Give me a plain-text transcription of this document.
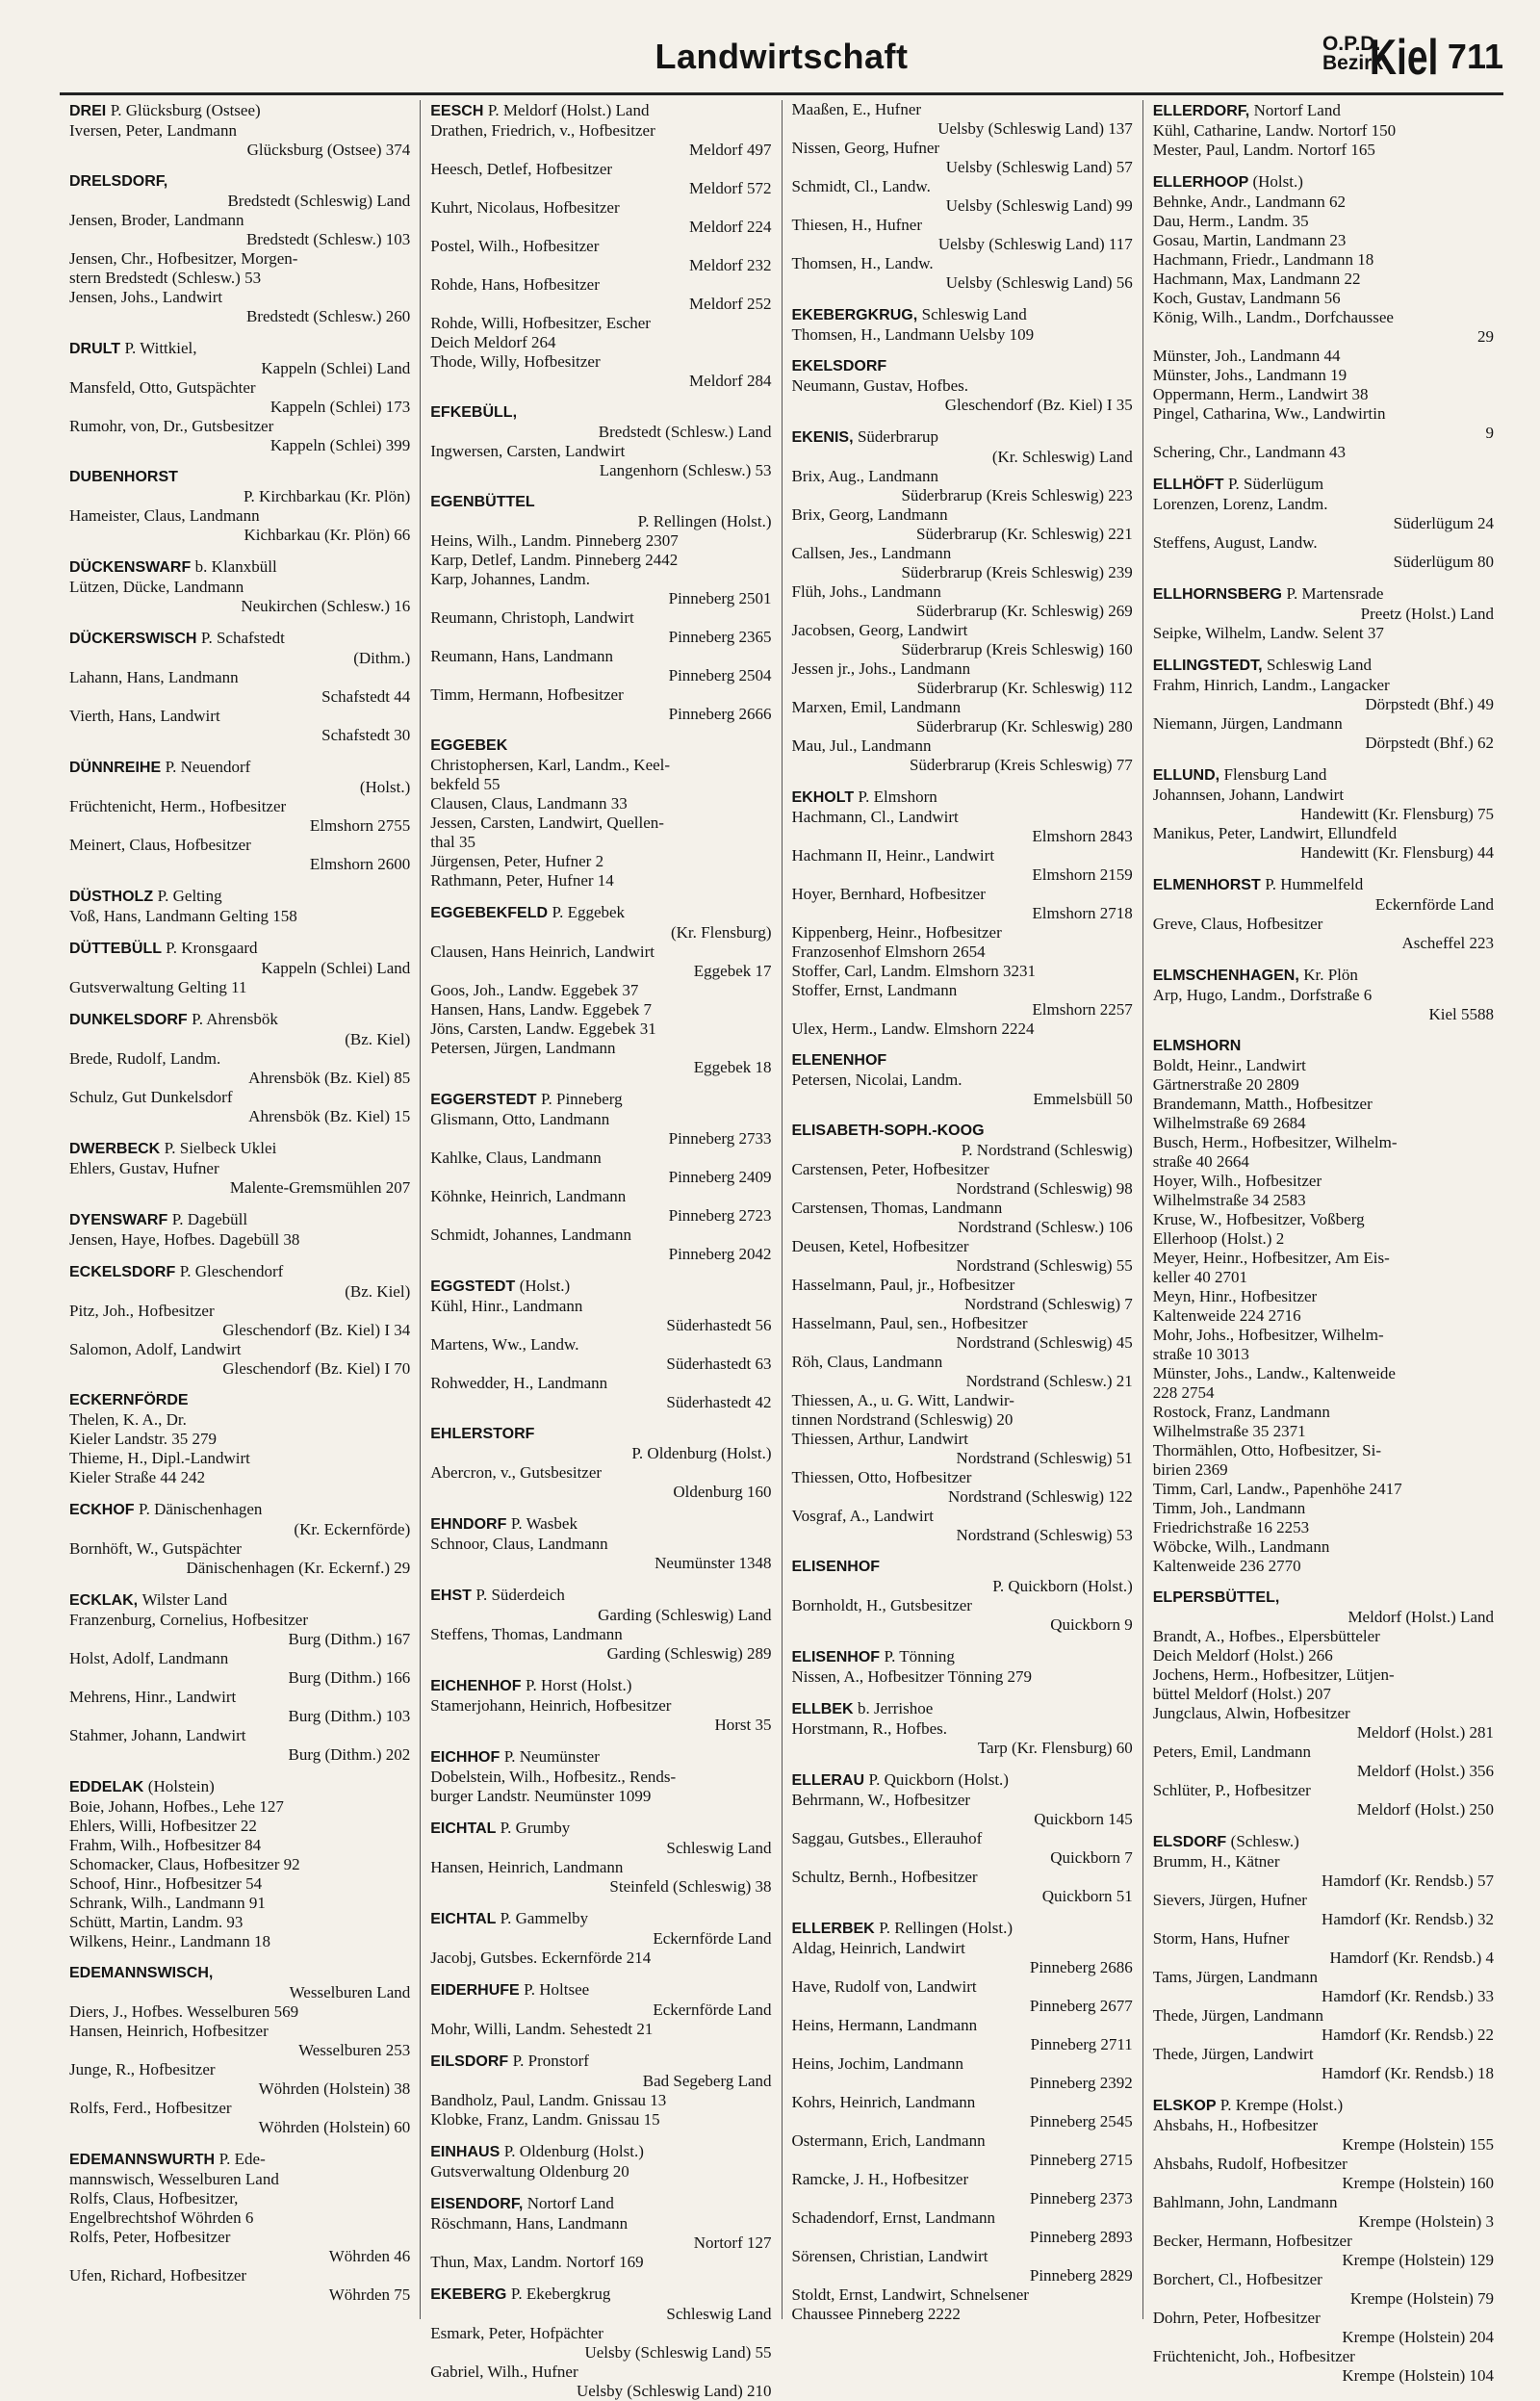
Landwirtschaft	O.P.D.
Bezirk
Kiel 711
DREI P. Glücksburg (Ostsee)
Iversen, Peter, Landmann
Glücksburg (Ostsee) 374
DRELSDORF,
Bredstedt (Schleswig) Land
Jensen, Broder, Landmann
Bredstedt (Schlesw.) 103
Jensen, Chr., Hofbesitzer, Morgen-
stern Bredstedt (Schlesw.) 53
Jensen, Johs., Landwirt
Bredstedt (Schlesw.) 260
DRULT P. Wittkiel,
Kappeln (Schlei) Land
Mansfeld, Otto, Gutspächter
Kappeln (Schlei) 173
Rumohr, von, Dr., Gutsbesitzer
Kappeln (Schlei) 399
DUBENHORST
P. Kirchbarkau (Kr. Plön)
Hameister, Claus, Landmann
Kichbarkau (Kr. Plön) 66
DÜCKENSWARF b. Klanxbüll
Lützen, Dücke, Landmann
Neukirchen (Schlesw.) 16
DÜCKERSWISCH P. Schafstedt
(Dithm.)
Lahann, Hans, Landmann
Schafstedt 44
Vierth, Hans, Landwirt
Schafstedt 30
DÜNNREIHE P. Neuendorf
(Holst.)
Früchtenicht, Herm., Hofbesitzer
Elmshorn 2755
Meinert, Claus, Hofbesitzer
Elmshorn 2600
DÜSTHOLZ P. Gelting
Voß, Hans, Landmann Gelting 158
DÜTTEBÜLL P. Kronsgaard
Kappeln (Schlei) Land
Gutsverwaltung Gelting 11
DUNKELSDORF P. Ahrensbök
(Bz. Kiel)
Brede, Rudolf, Landm.
Ahrensbök (Bz. Kiel) 85
Schulz, Gut Dunkelsdorf
Ahrensbök (Bz. Kiel) 15
DWERBECK P. Sielbeck Uklei
Ehlers, Gustav, Hufner
Malente-Gremsmühlen 207
DYENSWARF P. Dagebüll
Jensen, Haye, Hofbes. Dagebüll 38
ECKELSDORF P. Gleschendorf
(Bz. Kiel)
Pitz, Joh., Hofbesitzer
Gleschendorf (Bz. Kiel) I 34
Salomon, Adolf, Landwirt
Gleschendorf (Bz. Kiel) I 70
ECKERNFÖRDE
Thelen, K. A., Dr.
Kieler Landstr. 35 279
Thieme, H., Dipl.-Landwirt
Kieler Straße 44 242
ECKHOF P. Dänischenhagen
(Kr. Eckernförde)
Bornhöft, W., Gutspächter
Dänischenhagen (Kr. Eckernf.) 29
ECKLAK, Wilster Land
Franzenburg, Cornelius, Hofbesitzer
Burg (Dithm.) 167
Holst, Adolf, Landmann
Burg (Dithm.) 166
Mehrens, Hinr., Landwirt
Burg (Dithm.) 103
Stahmer, Johann, Landwirt
Burg (Dithm.) 202
EDDELAK (Holstein)
Boie, Johann, Hofbes., Lehe 127
Ehlers, Willi, Hofbesitzer 22
Frahm, Wilh., Hofbesitzer 84
Schomacker, Claus, Hofbesitzer 92
Schoof, Hinr., Hofbesitzer 54
Schrank, Wilh., Landmann 91
Schütt, Martin, Landm. 93
Wilkens, Heinr., Landmann 18
EDEMANNSWISCH,
Wesselburen Land
Diers, J., Hofbes. Wesselburen 569
Hansen, Heinrich, Hofbesitzer
Wesselburen 253
Junge, R., Hofbesitzer
Wöhrden (Holstein) 38
Rolfs, Ferd., Hofbesitzer
Wöhrden (Holstein) 60
EDEMANNSWURTH P. Ede-
mannswisch, Wesselburen Land
Rolfs, Claus, Hofbesitzer,
Engelbrechtshof Wöhrden 6
Rolfs, Peter, Hofbesitzer
Wöhrden 46
Ufen, Richard, Hofbesitzer
Wöhrden 75
EESCH P. Meldorf (Holst.) Land
Drathen, Friedrich, v., Hofbesitzer
Meldorf 497
Heesch, Detlef, Hofbesitzer
Meldorf 572
Kuhrt, Nicolaus, Hofbesitzer
Meldorf 224
Postel, Wilh., Hofbesitzer
Meldorf 232
Rohde, Hans, Hofbesitzer
Meldorf 252
Rohde, Willi, Hofbesitzer, Escher
Deich Meldorf 264
Thode, Willy, Hofbesitzer
Meldorf 284
EFKEBÜLL,
Bredstedt (Schlesw.) Land
Ingwersen, Carsten, Landwirt
Langenhorn (Schlesw.) 53
EGENBÜTTEL
P. Rellingen (Holst.)
Heins, Wilh., Landm. Pinneberg 2307
Karp, Detlef, Landm. Pinneberg 2442
Karp, Johannes, Landm.
Pinneberg 2501
Reumann, Christoph, Landwirt
Pinneberg 2365
Reumann, Hans, Landmann
Pinneberg 2504
Timm, Hermann, Hofbesitzer
Pinneberg 2666
EGGEBEK
Christophersen, Karl, Landm., Keel-
bekfeld 55
Clausen, Claus, Landmann 33
Jessen, Carsten, Landwirt, Quellen-
thal 35
Jürgensen, Peter, Hufner 2
Rathmann, Peter, Hufner 14
EGGEBEKFELD P. Eggebek
(Kr. Flensburg)
Clausen, Hans Heinrich, Landwirt
Eggebek 17
Goos, Joh., Landw. Eggebek 37
Hansen, Hans, Landw. Eggebek 7
Jöns, Carsten, Landw. Eggebek 31
Petersen, Jürgen, Landmann
Eggebek 18
EGGERSTEDT P. Pinneberg
Glismann, Otto, Landmann
Pinneberg 2733
Kahlke, Claus, Landmann
Pinneberg 2409
Köhnke, Heinrich, Landmann
Pinneberg 2723
Schmidt, Johannes, Landmann
Pinneberg 2042
EGGSTEDT (Holst.)
Kühl, Hinr., Landmann
Süderhastedt 56
Martens, Ww., Landw.
Süderhastedt 63
Rohwedder, H., Landmann
Süderhastedt 42
EHLERSTORF
P. Oldenburg (Holst.)
Abercron, v., Gutsbesitzer
Oldenburg 160
EHNDORF P. Wasbek
Schnoor, Claus, Landmann
Neumünster 1348
EHST P. Süderdeich
Garding (Schleswig) Land
Steffens, Thomas, Landmann
Garding (Schleswig) 289
EICHENHOF P. Horst (Holst.)
Stamerjohann, Heinrich, Hofbesitzer
Horst 35
EICHHOF P. Neumünster
Dobelstein, Wilh., Hofbesitz., Rends-
burger Landstr. Neumünster 1099
EICHTAL P. Grumby
Schleswig Land
Hansen, Heinrich, Landmann
Steinfeld (Schleswig) 38
EICHTAL P. Gammelby
Eckernförde Land
Jacobj, Gutsbes. Eckernförde 214
EIDERHUFE P. Holtsee
Eckernförde Land
Mohr, Willi, Landm. Sehestedt 21
EILSDORF P. Pronstorf
Bad Segeberg Land
Bandholz, Paul, Landm. Gnissau 13
Klobke, Franz, Landm. Gnissau 15
EINHAUS P. Oldenburg (Holst.)
Gutsverwaltung Oldenburg 20
EISENDORF, Nortorf Land
Röschmann, Hans, Landmann
Nortorf 127
Thun, Max, Landm. Nortorf 169
EKEBERG P. Ekebergkrug
Schleswig Land
Esmark, Peter, Hofpächter
Uelsby (Schleswig Land) 55
Gabriel, Wilh., Hufner
Uelsby (Schleswig Land) 210
Maaßen, E., Hufner
Uelsby (Schleswig Land) 137
Nissen, Georg, Hufner
Uelsby (Schleswig Land) 57
Schmidt, Cl., Landw.
Uelsby (Schleswig Land) 99
Thiesen, H., Hufner
Uelsby (Schleswig Land) 117
Thomsen, H., Landw.
Uelsby (Schleswig Land) 56
EKEBERGKRUG, Schleswig Land
Thomsen, H., Landmann Uelsby 109
EKELSDORF
Neumann, Gustav, Hofbes.
Gleschendorf (Bz. Kiel) I 35
EKENIS, Süderbrarup
(Kr. Schleswig) Land
Brix, Aug., Landmann
Süderbrarup (Kreis Schleswig) 223
Brix, Georg, Landmann
Süderbrarup (Kr. Schleswig) 221
Callsen, Jes., Landmann
Süderbrarup (Kreis Schleswig) 239
Flüh, Johs., Landmann
Süderbrarup (Kr. Schleswig) 269
Jacobsen, Georg, Landwirt
Süderbrarup (Kreis Schleswig) 160
Jessen jr., Johs., Landmann
Süderbrarup (Kr. Schleswig) 112
Marxen, Emil, Landmann
Süderbrarup (Kr. Schleswig) 280
Mau, Jul., Landmann
Süderbrarup (Kreis Schleswig) 77
EKHOLT P. Elmshorn
Hachmann, Cl., Landwirt
Elmshorn 2843
Hachmann II, Heinr., Landwirt
Elmshorn 2159
Hoyer, Bernhard, Hofbesitzer
Elmshorn 2718
Kippenberg, Heinr., Hofbesitzer
Franzosenhof Elmshorn 2654
Stoffer, Carl, Landm. Elmshorn 3231
Stoffer, Ernst, Landmann
Elmshorn 2257
Ulex, Herm., Landw. Elmshorn 2224
ELENENHOF
Petersen, Nicolai, Landm.
Emmelsbüll 50
ELISABETH-SOPH.-KOOG
P. Nordstrand (Schleswig)
Carstensen, Peter, Hofbesitzer
Nordstrand (Schleswig) 98
Carstensen, Thomas, Landmann
Nordstrand (Schlesw.) 106
Deusen, Ketel, Hofbesitzer
Nordstrand (Schleswig) 55
Hasselmann, Paul, jr., Hofbesitzer
Nordstrand (Schleswig) 7
Hasselmann, Paul, sen., Hofbesitzer
Nordstrand (Schleswig) 45
Röh, Claus, Landmann
Nordstrand (Schlesw.) 21
Thiessen, A., u. G. Witt, Landwir-
tinnen Nordstrand (Schleswig) 20
Thiessen, Arthur, Landwirt
Nordstrand (Schleswig) 51
Thiessen, Otto, Hofbesitzer
Nordstrand (Schleswig) 122
Vosgraf, A., Landwirt
Nordstrand (Schleswig) 53
ELISENHOF
P. Quickborn (Holst.)
Bornholdt, H., Gutsbesitzer
Quickborn 9
ELISENHOF P. Tönning
Nissen, A., Hofbesitzer Tönning 279
ELLBEK b. Jerrishoe
Horstmann, R., Hofbes.
Tarp (Kr. Flensburg) 60
ELLERAU P. Quickborn (Holst.)
Behrmann, W., Hofbesitzer
Quickborn 145
Saggau, Gutsbes., Ellerauhof
Quickborn 7
Schultz, Bernh., Hofbesitzer
Quickborn 51
ELLERBEK P. Rellingen (Holst.)
Aldag, Heinrich, Landwirt
Pinneberg 2686
Have, Rudolf von, Landwirt
Pinneberg 2677
Heins, Hermann, Landmann
Pinneberg 2711
Heins, Jochim, Landmann
Pinneberg 2392
Kohrs, Heinrich, Landmann
Pinneberg 2545
Ostermann, Erich, Landmann
Pinneberg 2715
Ramcke, J. H., Hofbesitzer
Pinneberg 2373
Schadendorf, Ernst, Landmann
Pinneberg 2893
Sörensen, Christian, Landwirt
Pinneberg 2829
Stoldt, Ernst, Landwirt, Schnelsener
Chaussee Pinneberg 2222
ELLERDORF, Nortorf Land
Kühl, Catharine, Landw. Nortorf 150
Mester, Paul, Landm. Nortorf 165
ELLERHOOP (Holst.)
Behnke, Andr., Landmann 62
Dau, Herm., Landm. 35
Gosau, Martin, Landmann 23
Hachmann, Friedr., Landmann 18
Hachmann, Max, Landmann 22
Koch, Gustav, Landmann 56
König, Wilh., Landm., Dorfchaussee
29
Münster, Joh., Landmann 44
Münster, Johs., Landmann 19
Oppermann, Herm., Landwirt 38
Pingel, Catharina, Ww., Landwirtin
9
Schering, Chr., Landmann 43
ELLHÖFT P. Süderlügum
Lorenzen, Lorenz, Landm.
Süderlügum 24
Steffens, August, Landw.
Süderlügum 80
ELLHORNSBERG P. Martensrade
Preetz (Holst.) Land
Seipke, Wilhelm, Landw. Selent 37
ELLINGSTEDT, Schleswig Land
Frahm, Hinrich, Landm., Langacker
Dörpstedt (Bhf.) 49
Niemann, Jürgen, Landmann
Dörpstedt (Bhf.) 62
ELLUND, Flensburg Land
Johannsen, Johann, Landwirt
Handewitt (Kr. Flensburg) 75
Manikus, Peter, Landwirt, Ellundfeld
Handewitt (Kr. Flensburg) 44
ELMENHORST P. Hummelfeld
Eckernförde Land
Greve, Claus, Hofbesitzer
Ascheffel 223
ELMSCHENHAGEN, Kr. Plön
Arp, Hugo, Landm., Dorfstraße 6
Kiel 5588
ELMSHORN
Boldt, Heinr., Landwirt
Gärtnerstraße 20 2809
Brandemann, Matth., Hofbesitzer
Wilhelmstraße 69 2684
Busch, Herm., Hofbesitzer, Wilhelm-
straße 40 2664
Hoyer, Wilh., Hofbesitzer
Wilhelmstraße 34 2583
Kruse, W., Hofbesitzer, Voßberg
Ellerhoop (Holst.) 2
Meyer, Heinr., Hofbesitzer, Am Eis-
keller 40 2701
Meyn, Hinr., Hofbesitzer
Kaltenweide 224 2716
Mohr, Johs., Hofbesitzer, Wilhelm-
straße 10 3013
Münster, Johs., Landw., Kaltenweide
228 2754
Rostock, Franz, Landmann
Wilhelmstraße 35 2371
Thormählen, Otto, Hofbesitzer, Si-
birien 2369
Timm, Carl, Landw., Papenhöhe 2417
Timm, Joh., Landmann
Friedrichstraße 16 2253
Wöbcke, Wilh., Landmann
Kaltenweide 236 2770
ELPERSBÜTTEL,
Meldorf (Holst.) Land
Brandt, A., Hofbes., Elpersbütteler
Deich Meldorf (Holst.) 266
Jochens, Herm., Hofbesitzer, Lütjen-
büttel Meldorf (Holst.) 207
Jungclaus, Alwin, Hofbesitzer
Meldorf (Holst.) 281
Peters, Emil, Landmann
Meldorf (Holst.) 356
Schlüter, P., Hofbesitzer
Meldorf (Holst.) 250
ELSDORF (Schlesw.)
Brumm, H., Kätner
Hamdorf (Kr. Rendsb.) 57
Sievers, Jürgen, Hufner
Hamdorf (Kr. Rendsb.) 32
Storm, Hans, Hufner
Hamdorf (Kr. Rendsb.) 4
Tams, Jürgen, Landmann
Hamdorf (Kr. Rendsb.) 33
Thede, Jürgen, Landmann
Hamdorf (Kr. Rendsb.) 22
Thede, Jürgen, Landwirt
Hamdorf (Kr. Rendsb.) 18
ELSKOP P. Krempe (Holst.)
Ahsbahs, H., Hofbesitzer
Krempe (Holstein) 155
Ahsbahs, Rudolf, Hofbesitzer
Krempe (Holstein) 160
Bahlmann, John, Landmann
Krempe (Holstein) 3
Becker, Hermann, Hofbesitzer
Krempe (Holstein) 129
Borchert, Cl., Hofbesitzer
Krempe (Holstein) 79
Dohrn, Peter, Hofbesitzer
Krempe (Holstein) 204
Früchtenicht, Joh., Hofbesitzer
Krempe (Holstein) 104
